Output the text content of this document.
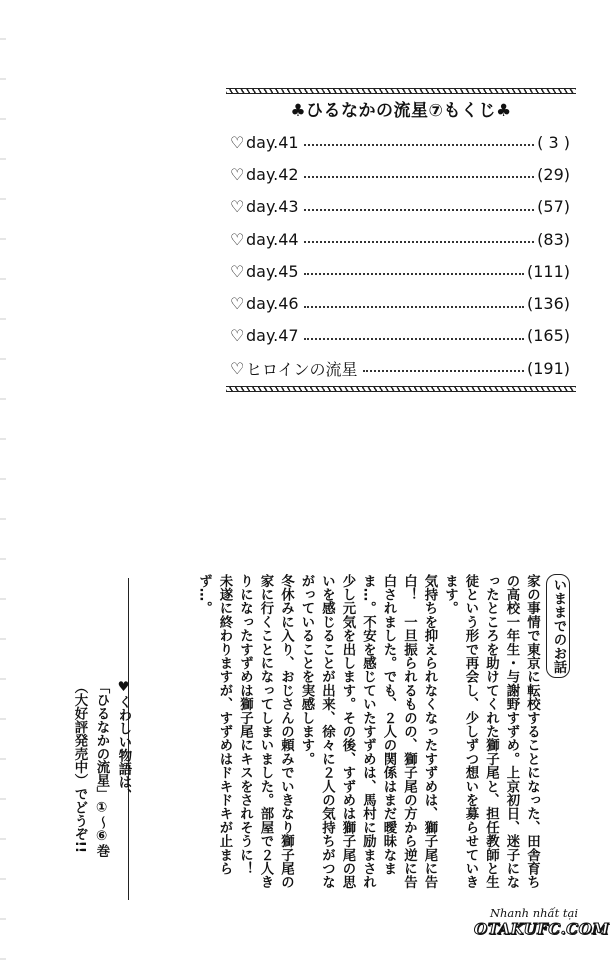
♣ひるなかの流星⑦もくじ♣
♡ day.41	( 3 )
♡ day.42	(29)
♡ day.43	(57)
♡ day.44	(83)
♡ day.45	(111)
♡ day.46	(136)
♡ day.47	(165)
♡ ヒロインの流星	(191)
いままでのお話

家の事情で東京に転校することになった、田舎育ちの高校一年生・与謝野すずめ。上京初日、迷子になったところを助けてくれた獅子尾と、担任教師と生徒という形で再会し、少しずつ想いを募らせていきます。

気持ちを抑えられなくなったすずめは、獅子尾に告白！　一旦振られるものの、獅子尾の方から逆に告白されました。でも、２人の関係はまだ曖昧なまま…。不安を感じていたすずめは、馬村に励まされ少し元気を出します。その後、すずめは獅子尾の思いを感じることが出来、徐々に２人の気持ちがつながっていることを実感します。

冬休みに入り、おじさんの頼みでいきなり獅子尾の家に行くことになってしまいました。部屋で２人きりになったすずめは獅子尾にキスをされそうに！　未遂に終わりますが、すずめはドキドキが止まらず…。

♥くわしい物語は、

「ひるなかの流星」①～⑥巻

（大好評発売中）でどうぞ!!

Nhanh nhất tại
OTAKUFC.COM
